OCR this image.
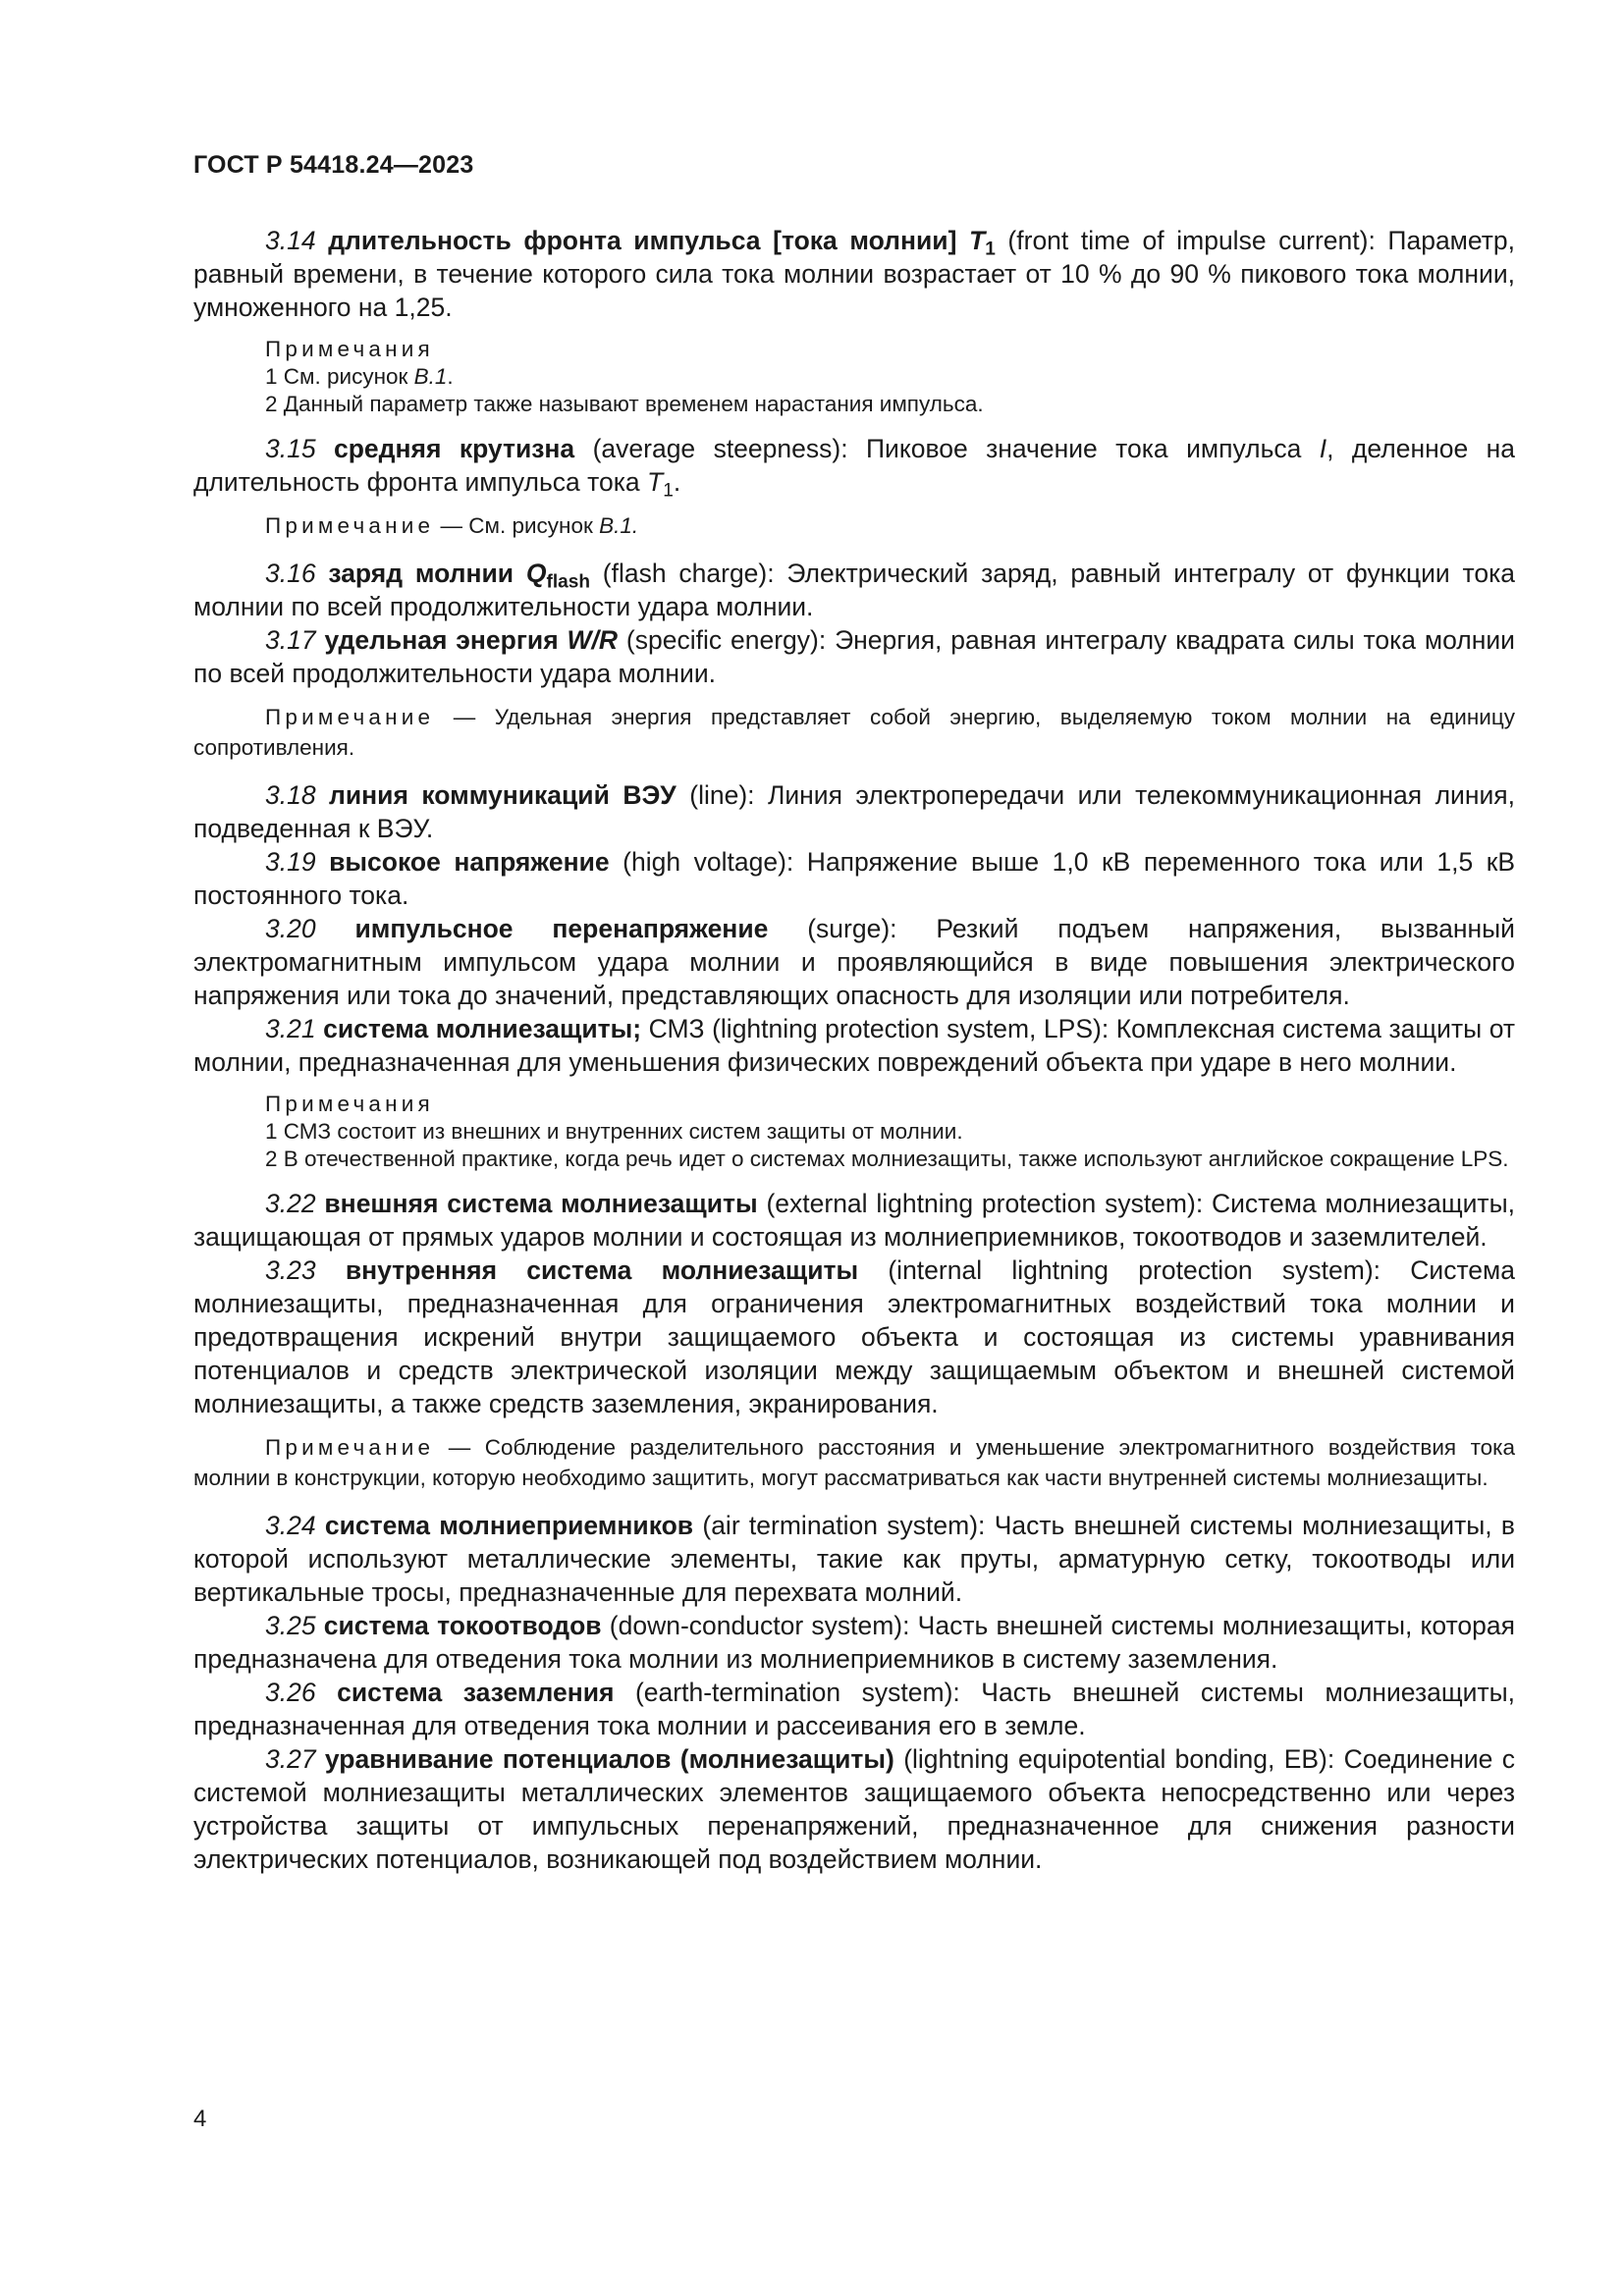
ГОСТ Р 54418.24—2023

3.14 длительность фронта импульса [тока молнии] $T_1$ (front time of impulse current): Параметр, равный времени, в течение которого сила тока молнии возрастает от 10 % до 90 % пикового тока молнии, умноженного на 1,25.

Примечания

1 См. рисунок В.1.

2 Данный параметр также называют временем нарастания импульса.

3.15 средняя крутизна (average steepness): Пиковое значение тока импульса I, деленное на длительность фронта импульса тока $T_1$.

Примечание — См. рисунок В.1.

3.16 заряд молнии $Q_{flash}$ (flash charge): Электрический заряд, равный интегралу от функции тока молнии по всей продолжительности удара молнии.

3.17 удельная энергия W/R (specific energy): Энергия, равная интегралу квадрата силы тока молнии по всей продолжительности удара молнии.

Примечание — Удельная энергия представляет собой энергию, выделяемую током молнии на единицу сопротивления.

3.18 линия коммуникаций ВЭУ (line): Линия электропередачи или телекоммуникационная линия, подведенная к ВЭУ.

3.19 высокое напряжение (high voltage): Напряжение выше 1,0 кВ переменного тока или 1,5 кВ постоянного тока.

3.20 импульсное перенапряжение (surge): Резкий подъем напряжения, вызванный электромагнитным импульсом удара молнии и проявляющийся в виде повышения электрического напряжения или тока до значений, представляющих опасность для изоляции или потребителя.

3.21 система молниезащиты; СМЗ (lightning protection system, LPS): Комплексная система защиты от молнии, предназначенная для уменьшения физических повреждений объекта при ударе в него молнии.

Примечания

1 СМЗ состоит из внешних и внутренних систем защиты от молнии.

2 В отечественной практике, когда речь идет о системах молниезащиты, также используют английское сокращение LPS.

3.22 внешняя система молниезащиты (external lightning protection system): Система молниезащиты, защищающая от прямых ударов молнии и состоящая из молниеприемников, токоотводов и заземлителей.

3.23 внутренняя система молниезащиты (internal lightning protection system): Система молниезащиты, предназначенная для ограничения электромагнитных воздействий тока молнии и предотвращения искрений внутри защищаемого объекта и состоящая из системы уравнивания потенциалов и средств электрической изоляции между защищаемым объектом и внешней системой молниезащиты, а также средств заземления, экранирования.

Примечание — Соблюдение разделительного расстояния и уменьшение электромагнитного воздействия тока молнии в конструкции, которую необходимо защитить, могут рассматриваться как части внутренней системы молниезащиты.

3.24 система молниеприемников (air termination system): Часть внешней системы молниезащиты, в которой используют металлические элементы, такие как пруты, арматурную сетку, токоотводы или вертикальные тросы, предназначенные для перехвата молний.

3.25 система токоотводов (down-conductor system): Часть внешней системы молниезащиты, которая предназначена для отведения тока молнии из молниеприемников в систему заземления.

3.26 система заземления (earth-termination system): Часть внешней системы молниезащиты, предназначенная для отведения тока молнии и рассеивания его в земле.

3.27 уравнивание потенциалов (молниезащиты) (lightning equipotential bonding, EB): Соединение с системой молниезащиты металлических элементов защищаемого объекта непосредственно или через устройства защиты от импульсных перенапряжений, предназначенное для снижения разности электрических потенциалов, возникающей под воздействием молнии.

4
